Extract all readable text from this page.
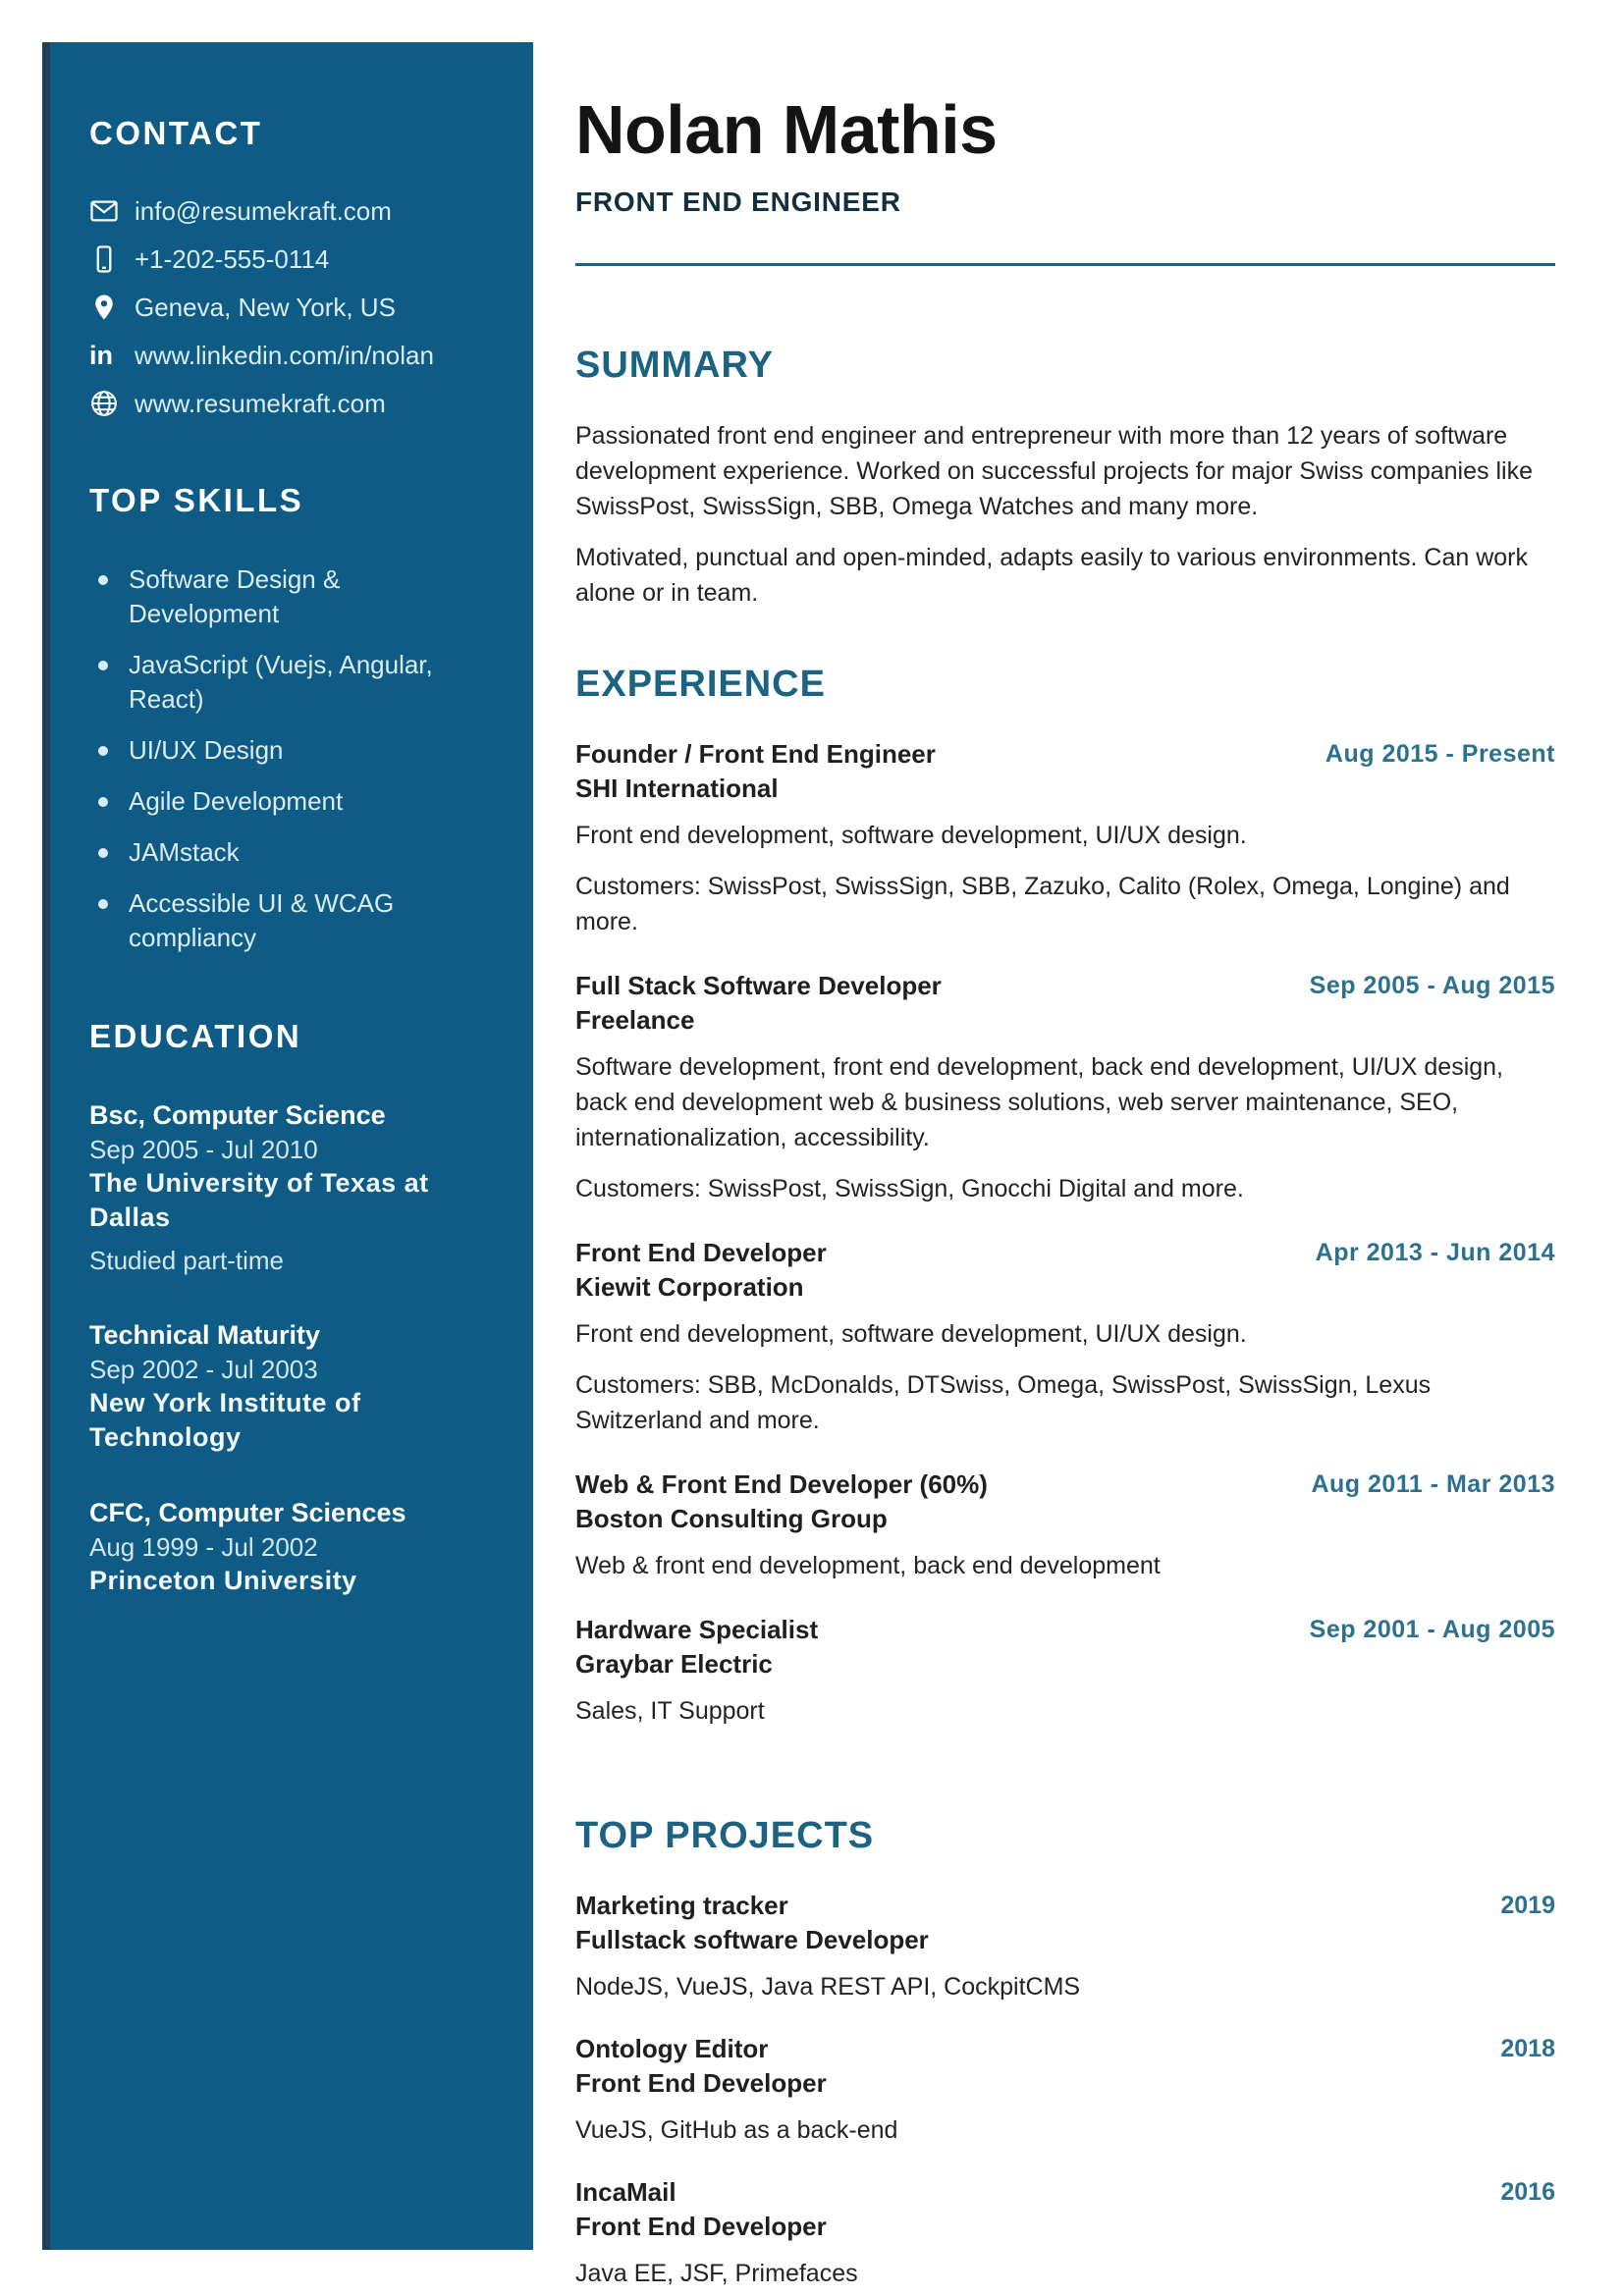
CONTACT
info@resumekraft.com
+1-202-555-0114
Geneva, New York, US
in www.linkedin.com/in/nolan
www.resumekraft.com
TOP SKILLS
Software Design & Development
JavaScript (Vuejs, Angular, React)
UI/UX Design
Agile Development
JAMstack
Accessible UI & WCAG compliancy
EDUCATION
Bsc, Computer Science
Sep 2005 - Jul 2010
The University of Texas at Dallas
Studied part-time
Technical Maturity
Sep 2002 - Jul 2003
New York Institute of Technology
CFC, Computer Sciences
Aug 1999 - Jul 2002
Princeton University
Nolan Mathis
FRONT END ENGINEER
SUMMARY

Passionated front end engineer and entrepreneur with more than 12 years of software development experience. Worked on successful projects for major Swiss companies like SwissPost, SwissSign, SBB, Omega Watches and many more.

Motivated, punctual and open-minded, adapts easily to various environments. Can work alone or in team.

EXPERIENCE
Founder / Front End Engineer
SHI International
Aug 2015 - Present

Front end development, software development, UI/UX design.

Customers: SwissPost, SwissSign, SBB, Zazuko, Calito (Rolex, Omega, Longine) and more.

Full Stack Software Developer
Freelance
Sep 2005 - Aug 2015

Software development, front end development, back end development, UI/UX design, back end development web & business solutions, web server maintenance, SEO, internationalization, accessibility.

Customers: SwissPost, SwissSign, Gnocchi Digital and more.

Front End Developer
Kiewit Corporation
Apr 2013 - Jun 2014

Front end development, software development, UI/UX design.

Customers: SBB, McDonalds, DTSwiss, Omega, SwissPost, SwissSign, Lexus Switzerland and more.

Web & Front End Developer (60%)
Boston Consulting Group
Aug 2011 - Mar 2013

Web & front end development, back end development

Hardware Specialist
Graybar Electric
Sep 2001 - Aug 2005

Sales, IT Support

TOP PROJECTS
Marketing tracker	2019
Fullstack software Developer

NodeJS, VueJS, Java REST API, CockpitCMS

Ontology Editor	2018
Front End Developer

VueJS, GitHub as a back-end

IncaMail	2016
Front End Developer

Java EE, JSF, Primefaces
